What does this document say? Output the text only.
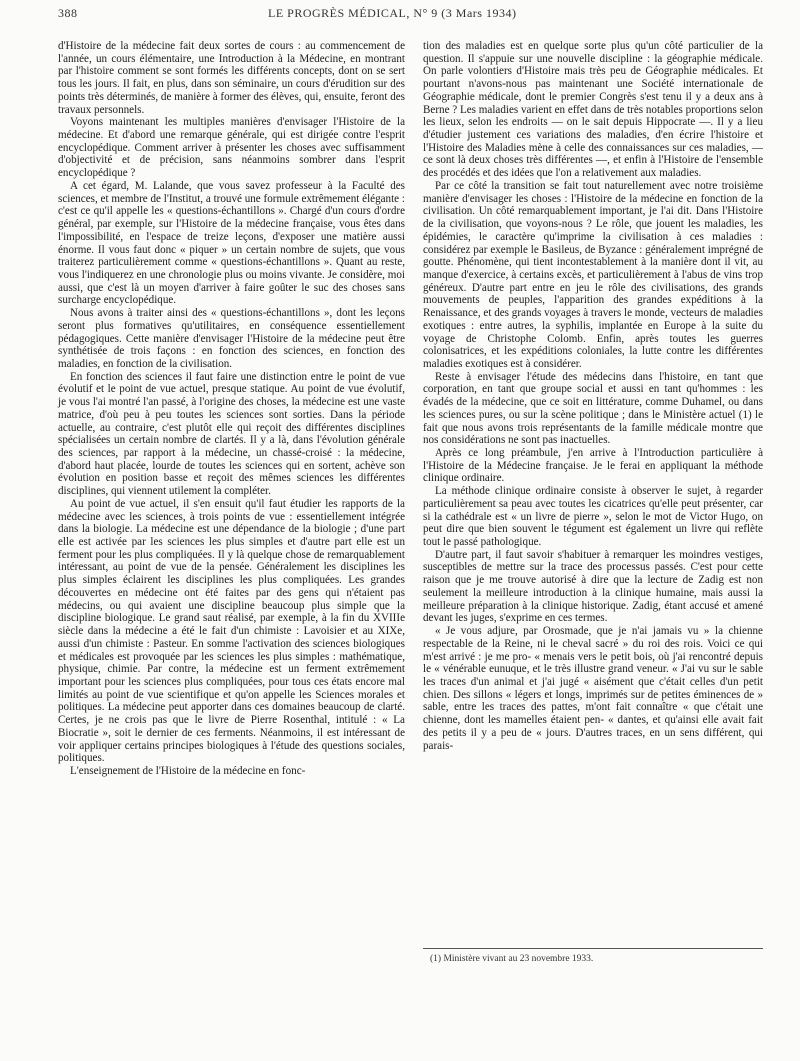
388	LE PROGRÈS MÉDICAL, N° 9 (3 Mars 1934)

d'Histoire de la médecine fait deux sortes de cours : au commencement de l'année, un cours élémentaire, une Introduction à la Médecine, en montrant par l'histoire comment se sont formés les différents concepts, dont on se sert tous les jours. Il fait, en plus, dans son séminaire, un cours d'érudition sur des points très déterminés, de manière à former des élèves, qui, ensuite, feront des travaux personnels.

Voyons maintenant les multiples manières d'envisager l'Histoire de la médecine. Et d'abord une remarque générale, qui est dirigée contre l'esprit encyclopédique. Comment arriver à présenter les choses avec suffisamment d'objectivité et de précision, sans néanmoins sombrer dans l'esprit encyclopédique ?

A cet égard, M. Lalande, que vous savez professeur à la Faculté des sciences, et membre de l'Institut, a trouvé une formule extrêmement élégante : c'est ce qu'il appelle les « questions-échantillons ». Chargé d'un cours d'ordre général, par exemple, sur l'Histoire de la médecine française, vous êtes dans l'impossibilité, en l'espace de treize leçons, d'exposer une matière aussi énorme. Il vous faut donc « piquer » un certain nombre de sujets, que vous traiterez particulièrement comme « questions-échantillons ». Quant au reste, vous l'indiquerez en une chronologie plus ou moins vivante. Je considère, moi aussi, que c'est là un moyen d'arriver à faire goûter le suc des choses sans surcharge encyclopédique.

Nous avons à traiter ainsi des « questions-échantillons », dont les leçons seront plus formatives qu'utilitaires, en conséquence essentiellement pédagogiques. Cette manière d'envisager l'Histoire de la médecine peut être synthétisée de trois façons : en fonction des sciences, en fonction des maladies, en fonction de la civilisation.

En fonction des sciences il faut faire une distinction entre le point de vue évolutif et le point de vue actuel, presque statique. Au point de vue évolutif, je vous l'ai montré l'an passé, à l'origine des choses, la médecine est une vaste matrice, d'où peu à peu toutes les sciences sont sorties. Dans la période actuelle, au contraire, c'est plutôt elle qui reçoit des différentes disciplines spécialisées un certain nombre de clartés. Il y a là, dans l'évolution générale des sciences, par rapport à la médecine, un chassé-croisé : la médecine, d'abord haut placée, lourde de toutes les sciences qui en sortent, achève son évolution en position basse et reçoit des mêmes sciences les différentes disciplines, qui viennent utilement la compléter.

Au point de vue actuel, il s'en ensuit qu'il faut étudier les rapports de la médecine avec les sciences, à trois points de vue : essentiellement intégrée dans la biologie. La médecine est une dépendance de la biologie ; d'une part elle est activée par les sciences les plus simples et d'autre part elle est un ferment pour les plus compliquées. Il y là quelque chose de remarquablement intéressant, au point de vue de la pensée. Généralement les disciplines les plus simples éclairent les disciplines les plus compliquées. Les grandes découvertes en médecine ont été faites par des gens qui n'étaient pas médecins, ou qui avaient une discipline beaucoup plus simple que la discipline biologique. Le grand saut réalisé, par exemple, à la fin du XVIIIe siècle dans la médecine a été le fait d'un chimiste : Lavoisier et au XIXe, aussi d'un chimiste : Pasteur. En somme l'activation des sciences biologiques et médicales est provoquée par les sciences les plus simples : mathématique, physique, chimie. Par contre, la médecine est un ferment extrêmement important pour les sciences plus compliquées, pour tous ces états encore mal limités au point de vue scientifique et qu'on appelle les Sciences morales et politiques. La médecine peut apporter dans ces domaines beaucoup de clarté. Certes, je ne crois pas que le livre de Pierre Rosenthal, intitulé : « La Biocratie », soit le dernier de ces ferments. Néanmoins, il est intéressant de voir appliquer certains principes biologiques à l'étude des questions sociales, politiques.

L'enseignement de l'Histoire de la médecine en fonc-

tion des maladies est en quelque sorte plus qu'un côté particulier de la question. Il s'appuie sur une nouvelle discipline : la géographie médicale. On parle volontiers d'Histoire mais très peu de Géographie médicales. Et pourtant n'avons-nous pas maintenant une Société internationale de Géographie médicale, dont le premier Congrès s'est tenu il y a deux ans à Berne ? Les maladies varient en effet dans de très notables proportions selon les lieux, selon les endroits — on le sait depuis Hippocrate —. Il y a lieu d'étudier justement ces variations des maladies, d'en écrire l'histoire et l'Histoire des Maladies mène à celle des connaissances sur ces maladies, — ce sont là deux choses très différentes —, et enfin à l'Histoire de l'ensemble des procédés et des idées que l'on a relativement aux maladies.

Par ce côté la transition se fait tout naturellement avec notre troisième manière d'envisager les choses : l'Histoire de la médecine en fonction de la civilisation. Un côté remarquablement important, je l'ai dit. Dans l'Histoire de la civilisation, que voyons-nous ? Le rôle, que jouent les maladies, les épidémies, le caractère qu'imprime la civilisation à ces maladies : considérez par exemple le Basileus, de Byzance : généralement imprégné de goutte. Phénomène, qui tient incontestablement à la manière dont il vit, au manque d'exercice, à certains excès, et particulièrement à l'abus de vins trop généreux. D'autre part entre en jeu le rôle des civilisations, des grands mouvements de peuples, l'apparition des grandes expéditions à la Renaissance, et des grands voyages à travers le monde, vecteurs de maladies exotiques : entre autres, la syphilis, implantée en Europe à la suite du voyage de Christophe Colomb. Enfin, après toutes les guerres colonisatrices, et les expéditions coloniales, la lutte contre les différentes maladies exotiques est à considérer.

Reste à envisager l'étude des médecins dans l'histoire, en tant que corporation, en tant que groupe social et aussi en tant qu'hommes : les évadés de la médecine, que ce soit en littérature, comme Duhamel, ou dans les sciences pures, ou sur la scène politique ; dans le Ministère actuel (1) le fait que nous avons trois représentants de la famille médicale montre que nos considérations ne sont pas inactuelles.

Après ce long préambule, j'en arrive à l'Introduction particulière à l'Histoire de la Médecine française. Je le ferai en appliquant la méthode clinique ordinaire.

La méthode clinique ordinaire consiste à observer le sujet, à regarder particulièrement sa peau avec toutes les cicatrices qu'elle peut présenter, car si la cathédrale est « un livre de pierre », selon le mot de Victor Hugo, on peut dire que bien souvent le tégument est également un livre qui reflète tout le passé pathologique.

D'autre part, il faut savoir s'habituer à remarquer les moindres vestiges, susceptibles de mettre sur la trace des processus passés. C'est pour cette raison que je me trouve autorisé à dire que la lecture de Zadig est non seulement la meilleure introduction à la clinique humaine, mais aussi la meilleure préparation à la clinique historique. Zadig, étant accusé et amené devant les juges, s'exprime en ces termes.

« Je vous adjure, par Orosmade, que je n'ai jamais vu » la chienne respectable de la Reine, ni le cheval sacré » du roi des rois. Voici ce qui m'est arrivé : je me pro- « menais vers le petit bois, où j'ai rencontré depuis le « vénérable eunuque, et le très illustre grand veneur. « J'ai vu sur le sable les traces d'un animal et j'ai jugé « aisément que c'était celles d'un petit chien. Des sillons « légers et longs, imprimés sur de petites éminences de » sable, entre les traces des pattes, m'ont fait connaître « que c'était une chienne, dont les mamelles étaient pen- « dantes, et qu'ainsi elle avait fait des petits il y a peu de « jours. D'autres traces, en un sens différent, qui parais-

(1) Ministère vivant au 23 novembre 1933.
